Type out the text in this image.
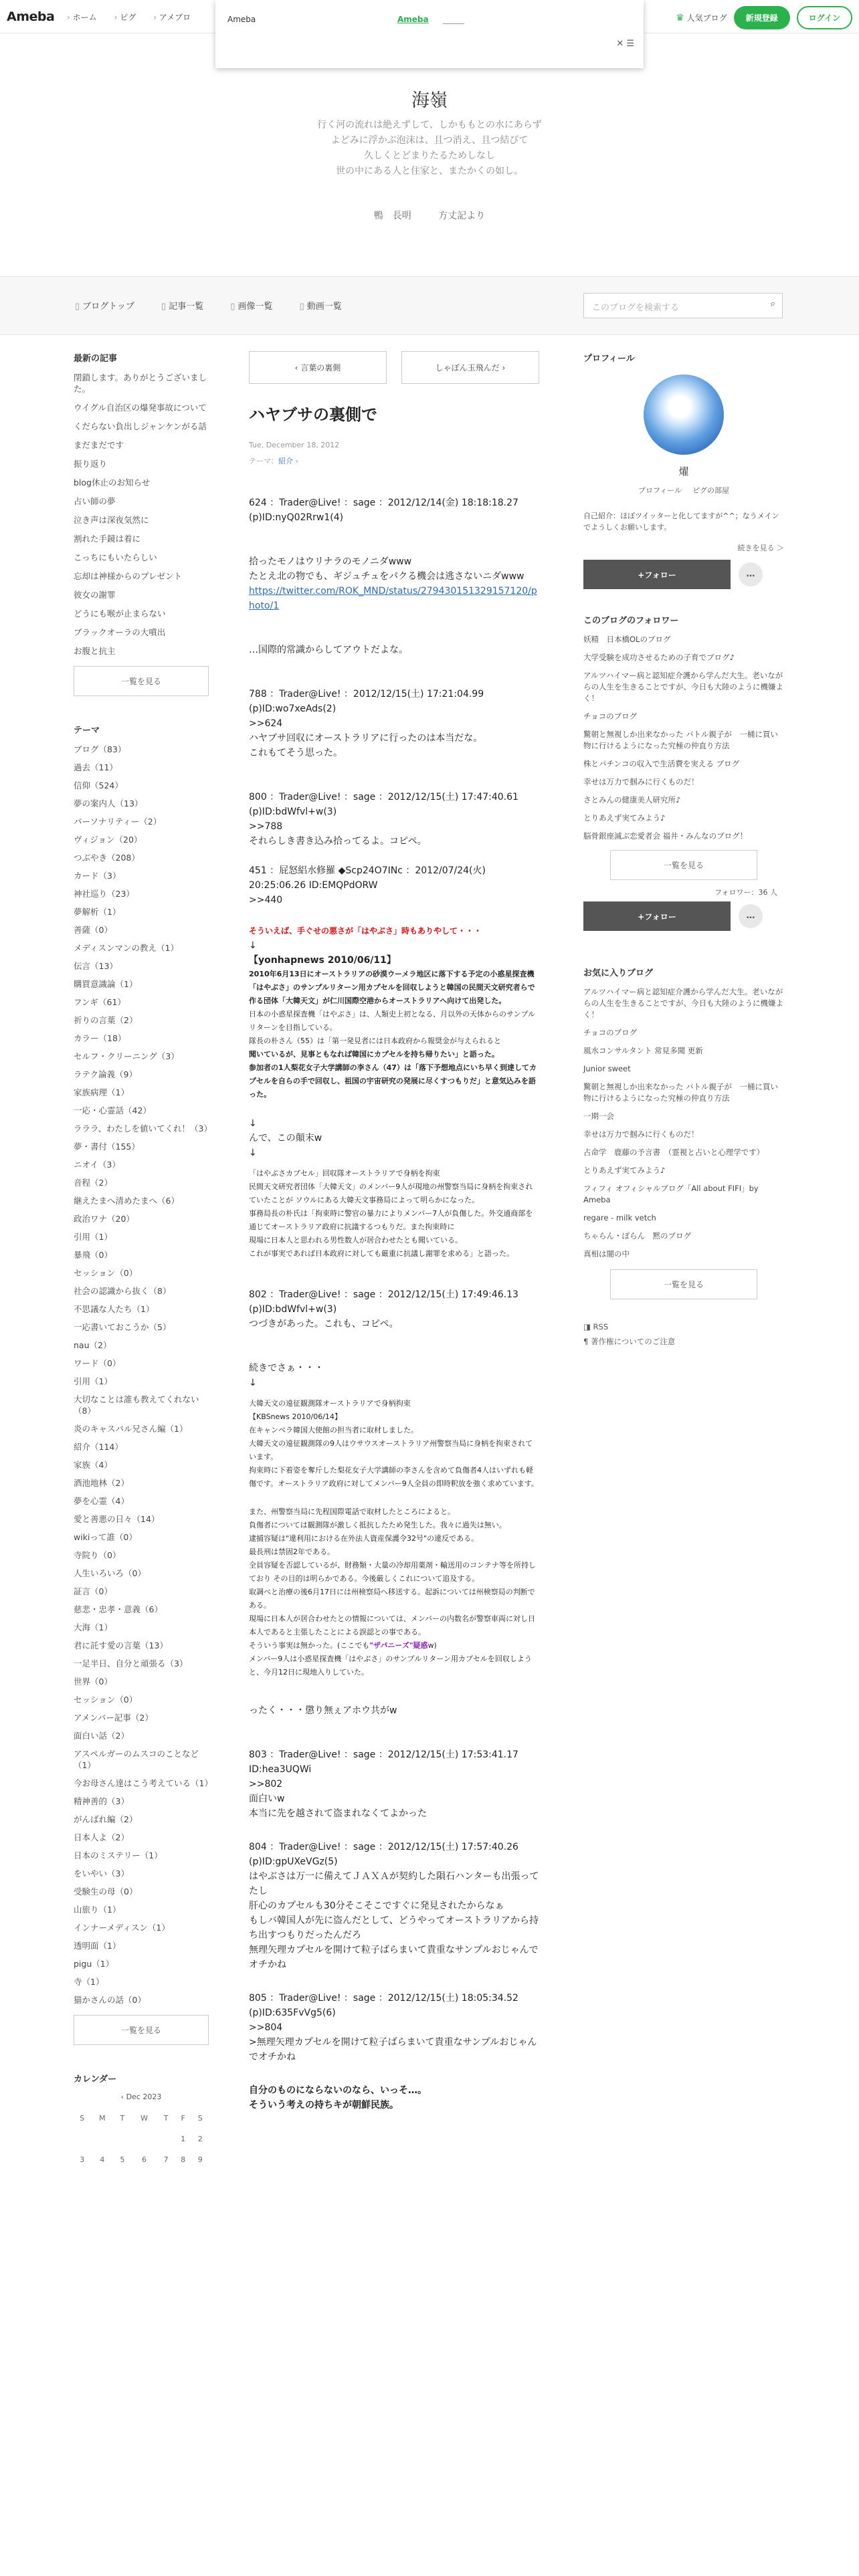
Ameba	› ホーム	› ピグ	› アメブロ	♛ 人気ブログ	新規登録	ログイン
Ameba	Ameba
✕ ☰
海嶺
行く河の流れは絶えずして、しかももとの水にあらず
よどみに浮かぶ泡沫は、且つ消え、且つ結びて
久しくとどまりたるためしなし
世の中にある人と住家と、またかくの如し。
鴨　長明	方丈記より
▯ ブログトップ	▯ 記事一覧	▯ 画像一覧	▯ 動画一覧	このブログを検索する	⌕
最新の記事
閉鎖します。ありがとうございました。
ウイグル自治区の爆発事故について
くだらない負出しジャンケンがる話
まだまだです
振り返り
blog休止のお知らせ
占い師の夢
泣き声は深夜気然に
割れた手鏡は着に
こっちにもいたらしい
忘却は神様からのプレゼント
彼女の謝罪
どうにも喉が止まらない
ブラックオーラの大噴出
お腹と抗主
一覧を見る
テーマ
ブログ（83）
過去（11）
信仰（524）
夢の案内人（13）
パーソナリティー（2）
ヴィジョン（20）
つぶやき（208）
カード（3）
神社巡り（23）
夢解析（1）
善薩（0）
メディスンマンの教え（1）
伝言（13）
購買意識論（1）
フンギ（61）
祈りの言葉（2）
カラー（18）
セルフ・クリーニング（3）
ラテク論義（9）
家族病理（1）
一応・心霊話（42）
ラララ、わたしを値いてくれ！（3）
夢・書付（155）
ニオイ（3）
音程（2）
継えたまへ清めたまへ（6）
政治ワナ（20）
引用（1）
暴飛（0）
セッション（0）
社会の認識から抜く（8）
不思議な人たち（1）
一応書いておこうか（5）
nau（2）
ワード（0）
引用（1）
大切なことは誰も教えてくれない（8）
炎のキャスパル兄さん編（1）
紹介（114）
家族（4）
酒池地林（2）
夢を心霊（4）
愛と善悪の日々（14）
wikiって誰（0）
寺院り（0）
人生いろいろ（0）
証言（0）
慈悲・忠孝・意義（6）
大海（1）
君に託す愛の言葉（13）
一足半日、自分と頑張る（3）
世界（0）
セッション（0）
アメンバー記事（2）
面白い話（2）
アスペルガーのムスコのことなど（1）
今お母さん達はこう考えている（1）
精神善的（3）
がんばれ編（2）
日本人よ（2）
日本のミステリー（1）
をいやい（3）
受験生の母（0）
山旅り（1）
インナーメディスン（1）
透明面（1）
pigu（1）
寺（1）
猫かさんの話（0）
一覧を見る
カレンダー
‹ Dec 2023
S	M	T	W	T	F	S
					1	2
3	4	5	6	7	8	9
‹ 言葉の裏側	しゃぼん玉飛んだ ›
ハヤブサの裏側で
Tue, December 18, 2012
テーマ：紹介 ›

624 ：Trader@Live! ：sage ：2012/12/14(金) 18:18:18.27
(p)ID:nyQ02Rrw1(4)

拾ったモノはウリナラのモノニダwww
たとえ北の物でも、ギジュチュをパクる機会は逃さないニダwww
https://twitter.com/ROK_MND/status/279430151329157120/photo/1

…国際的常識からしてアウトだよな。

788 ：Trader@Live! ：2012/12/15(土) 17:21:04.99
(p)ID:wo7xeAds(2)
>>624
ハヤブサ回収にオーストラリアに行ったのは本当だな。
これもてそう思った。

800 ：Trader@Live! ：sage ：2012/12/15(土) 17:47:40.61
(p)ID:bdWfvl+w(3)
>>788
それらしき書き込み拾ってるよ。コピペ。

451 ：屁怒絽水修羅 ◆Scp24O7INc ：2012/07/24(火)
20:25:06.26 ID:EMQPdORW
>>440

そういえば、手ぐせの悪さが「はやぶさ」時もありやして・・・
↓
【yonhapnews 2010/06/11】
2010年6月13日にオーストラリアの砂漠ウーメラ地区に落下する予定の小惑星探査機「はやぶさ」のサンプルリターン用カプセルを回収しようと韓国の民間天文研究者らで作る団体「大韓天文」が仁川国際空港からオーストラリアへ向けて出発した。
日本の小惑星探査機「はやぶさ」は、人類史上初となる、月以外の天体からのサンプルリターンを目指している。
隊長の朴さん（55）は「第一発見者には日本政府から報奨金が与えられると
聞いているが、見事ともなれば韓国にカプセルを持ち帰りたい」と語った。
参加者の1人梨花女子大学講師の李さん（47）は「落下予想地点にいち早く到達してカプセルを自らの手で回収し、祖国の宇宙研究の発展に尽くすつもりだ」と意気込みを語った。
↓
んで、この顛末w
↓
「はやぶさカプセル」回収隊オーストラリアで身柄を拘束
民間天文研究者団体「大韓天文」のメンバー9人が現地の州警察当局に身柄を拘束されていたことが ソウルにある大韓天文事務局によって明らかになった。
事務局長の朴氏は「拘束時に警官の暴力によりメンバー7人が負傷した。外交通商部を通じてオーストラリア政府に抗議するつもりだ。また拘束時に
現場に日本人と思われる男性数人が居合わせたとも聞いている。
これが事実であれば日本政府に対しても厳重に抗議し謝罪を求める」と語った。

802 ：Trader@Live! ：sage ：2012/12/15(土) 17:49:46.13
(p)ID:bdWfvl+w(3)
つづきがあった。これも、コピペ。

続きでさぁ・・・
↓
大韓天文の遠征観測隊オーストラリアで身柄拘束
【KBSnews 2010/06/14】
在キャンベラ韓国大使館の担当者に取材しました。
大韓天文の遠征観測隊の9人はウサウスオーストラリア州警察当局に身柄を拘束されています。
拘束時に下着姿を奪斤した梨花女子大学講師の李さんを含めて負傷者4人はいずれも軽傷です。オーストラリア政府に対してメンバー9人全員の即時釈放を強く求めています。
また、州警察当局に先程国際電話で取材したところによると。
負傷者については観測隊が激しく抵抗したため発生した。我々に過失は無い。
逮捕容疑は"違利用における在外法人資産保護令32号"の違反である。
最長刑は禁固2年である。
全員容疑を否認しているが、財務類・大量の冷却用薬剤・輸送用のコンテナ等を所持しており その目的は明らかである。今後厳しくこれについて追及する。
取調べと治療の後6月17日には州検察局へ移送する。起訴については州検察局の判断である。
現場に日本人が居合わせたとの情報については、メンバーの内数名が警察車両に対し日本人であると主張したことによる誤認との事である。
そういう事実は無かった。(ここでも"ザパニーズ"疑惑w)
メンバー9人は小惑星探査機「はやぶさ」のサンプルリターン用カプセルを回収しようと、今月12日に現地入りしていた。

ったく・・・懲り無ぇアホウ共がw

803 ：Trader@Live! ：sage ：2012/12/15(土) 17:53:41.17
ID:hea3UQWi
>>802
面白いw
本当に先を越されて盗まれなくてよかった

804 ：Trader@Live! ：sage ：2012/12/15(土) 17:57:40.26
(p)ID:gpUXeVGz(5)
はやぶさは万一に備えてＪＡＸＡが契約した隕石ハンターも出張ってたし
肝心のカプセルも30分そこそこですぐに発見されたからなぁ
もしバ韓国人が先に盗んだとして、どうやってオーストラリアから持ち出すつもりだったんだろ
無理矢理カプセルを開けて粒子ばらまいて貴重なサンプルおじゃんでオチかね

805 ：Trader@Live! ：sage ：2012/12/15(土) 18:05:34.52
(p)ID:635FvVg5(6)
>>804
>無理矢理カプセルを開けて粒子ばらまいて貴重なサンプルおじゃんでオチかね

自分のものにならないのなら、いっそ…。
そういう考えの持ちキが朝鮮民族。

プロフィール
燿
プロフィール ピグの部屋
自己紹介：ほぼツイッターと化してますが^^；なうメインでようしくお願いします。
続きを見る ＞
+フォロー	…
このブログのフォロワー
妖精　日本橋OLのブログ
大学受験を成功させるための子育でブログ♪
アルツハイマー病と認知症介護から学んだ大生。老いながらの人生を生きることですが、今日も大陸のように機嫌よく！
チョコのブログ
驚朝と無視しか出来なかった バトル親子が　一桶に買い物に行けるようになった究極の仲直り方法
株とパチンコの収入で生活費を実える ブログ
幸せは万力で掴みに行くものだ！
さとみんの健康美人研究所♪
とりあえず実てみよう♪
脳骨銀座滅ぶ恋愛者会 福井・みんなのブログ！
一覧を見る
フォロワー：36 人
+フォロー	…
お気に入りブログ
アルツハイマー病と認知症介護から学んだ大生。老いながらの人生を生きることですが、今日も大陸のように機嫌よく！
チョコのブログ
風水コンサルタント 常見多聞 更新
Junior sweet
驚朝と無視しか出来なかった バトル親子が　一桶に買い物に行けるようになった究極の仲直り方法
一期一会
幸せは万力で掴みに行くものだ！
占命学　鹿藤の予言書　（霊視と占いと心理学です）
とりあえず実てみよう♪
フィフィ オフィシャルブログ「All about FIFI」by Ameba
regare - milk vetch
ちゃらん・ぽらん　黙のブログ
真相は闇の中
一覧を見る
◨ RSS
¶ 著作権についてのご注意
